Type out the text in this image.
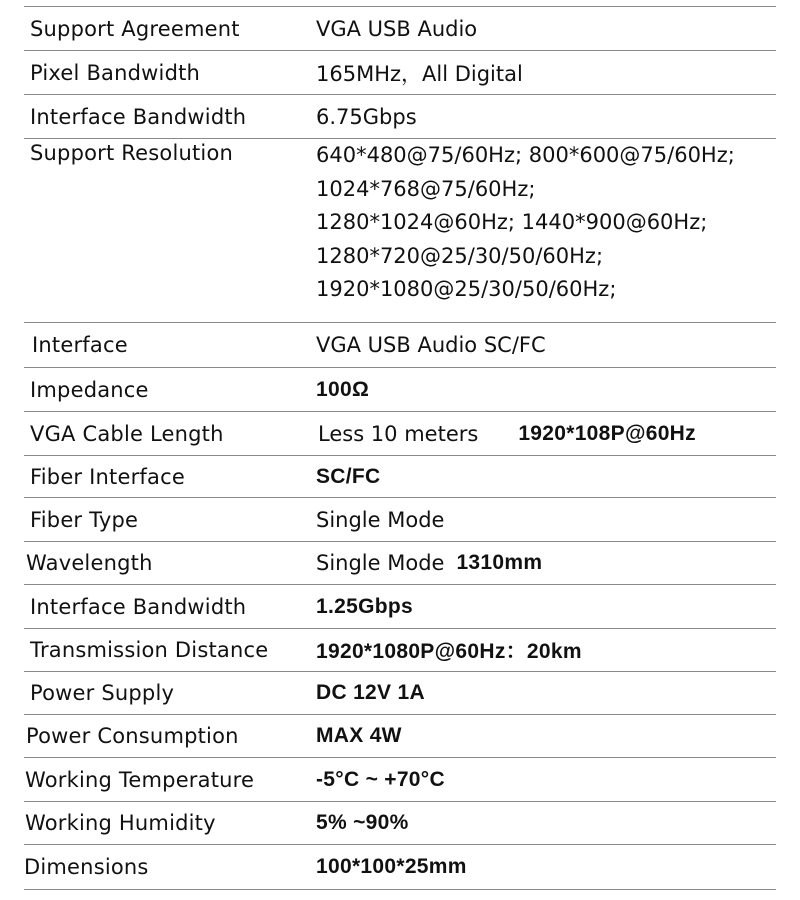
Support Agreement	VGA USB Audio
Pixel Bandwidth	165MHz，All Digital
Interface Bandwidth	6.75Gbps
Support Resolution	640*480@75/60Hz; 800*600@75/60Hz;
1024*768@75/60Hz;
1280*1024@60Hz; 1440*900@60Hz;
1280*720@25/30/50/60Hz;
1920*1080@25/30/50/60Hz;
Interface	VGA USB Audio SC/FC
Impedance	100Ω
VGA Cable Length	Less 10 meters 1920*108P@60Hz
Fiber Interface	SC/FC
Fiber Type	Single Mode
Wavelength	Single Mode 1310mm
Interface Bandwidth	1.25Gbps
Transmission Distance	1920*1080P@60Hz：20km
Power Supply	DC 12V 1A
Power Consumption	MAX 4W
Working Temperature	-5°C ~ +70°C
Working Humidity	5% ~90%
Dimensions	100*100*25mm
